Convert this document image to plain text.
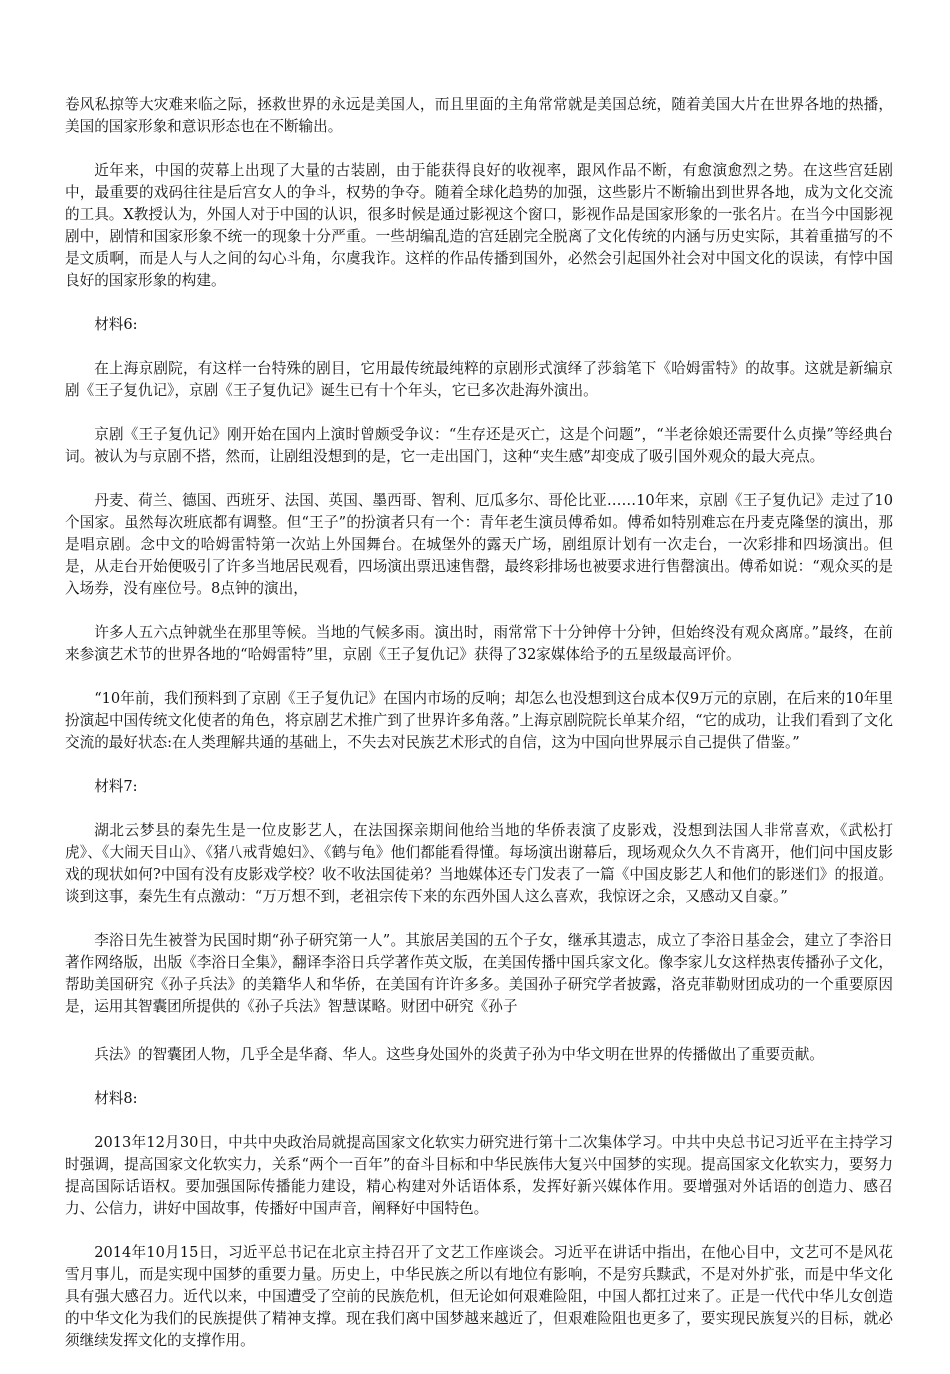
卷风私掠等大灾难来临之际，拯救世界的永远是美国人，而且里面的主角常常就是美国总统，随着美国大片在世界各地的热播，美国的国家形象和意识形态也在不断输出。

近年来，中国的荧幕上出现了大量的古装剧，由于能获得良好的收视率，跟风作品不断，有愈演愈烈之势。在这些宫廷剧中，最重要的戏码往往是后宫女人的争斗，权势的争夺。随着全球化趋势的加强，这些影片不断输出到世界各地，成为文化交流的工具。X教授认为，外国人对于中国的认识，很多时候是通过影视这个窗口，影视作品是国家形象的一张名片。在当今中国影视剧中，剧情和国家形象不统一的现象十分严重。一些胡编乱造的宫廷剧完全脱离了文化传统的内涵与历史实际，其着重描写的不是文质啊，而是人与人之间的勾心斗角，尔虞我诈。这样的作品传播到国外，必然会引起国外社会对中国文化的误读，有悖中国良好的国家形象的构建。

材料6:

在上海京剧院，有这样一台特殊的剧目，它用最传统最纯粹的京剧形式演绎了莎翁笔下《哈姆雷特》的故事。这就是新编京剧《王子复仇记》，京剧《王子复仇记》诞生已有十个年头，它已多次赴海外演出。

京剧《王子复仇记》刚开始在国内上演时曾颇受争议：“生存还是灭亡，这是个问题”，“半老徐娘还需要什么贞操”等经典台词。被认为与京剧不搭，然而，让剧组没想到的是，它一走出国门，这种“夹生感”却变成了吸引国外观众的最大亮点。

丹麦、荷兰、德国、西班牙、法国、英国、墨西哥、智利、厄瓜多尔、哥伦比亚……10年来，京剧《王子复仇记》走过了10个国家。虽然每次班底都有调整。但“王子”的扮演者只有一个：青年老生演员傅希如。傅希如特别难忘在丹麦克隆堡的演出，那是唱京剧。念中文的哈姆雷特第一次站上外国舞台。在城堡外的露天广场，剧组原计划有一次走台，一次彩排和四场演出。但是，从走台开始便吸引了许多当地居民观看，四场演出票迅速售罄，最终彩排场也被要求进行售罄演出。傅希如说：“观众买的是入场券，没有座位号。8点钟的演出，

许多人五六点钟就坐在那里等候。当地的气候多雨。演出时，雨常常下十分钟停十分钟，但始终没有观众离席。”最终，在前来参演艺术节的世界各地的“哈姆雷特”里，京剧《王子复仇记》获得了32家媒体给予的五星级最高评价。

“10年前，我们预料到了京剧《王子复仇记》在国内市场的反响；却怎么也没想到这台成本仅9万元的京剧，在后来的10年里扮演起中国传统文化使者的角色，将京剧艺术推广到了世界许多角落。”上海京剧院院长单某介绍，“它的成功，让我们看到了文化交流的最好状态:在人类理解共通的基础上，不失去对民族艺术形式的自信，这为中国向世界展示自己提供了借鉴。”

材料7:

湖北云梦县的秦先生是一位皮影艺人，在法国探亲期间他给当地的华侨表演了皮影戏，没想到法国人非常喜欢，《武松打虎》、《大闹天目山》、《猪八戒背媳妇》、《鹤与龟》他们都能看得懂。每场演出谢幕后，现场观众久久不肯离开，他们问中国皮影戏的现状如何?中国有没有皮影戏学校？收不收法国徒弟？当地媒体还专门发表了一篇《中国皮影艺人和他们的影迷们》的报道。谈到这事，秦先生有点激动：“万万想不到，老祖宗传下来的东西外国人这么喜欢，我惊讶之余，又感动又自豪。”

李浴日先生被誉为民国时期“孙子研究第一人”。其旅居美国的五个子女，继承其遗志，成立了李浴日基金会，建立了李浴日著作网络版，出版《李浴日全集》，翻译李浴日兵学著作英文版，在美国传播中国兵家文化。像李家儿女这样热衷传播孙子文化，帮助美国研究《孙子兵法》的美籍华人和华侨，在美国有许许多多。美国孙子研究学者披露，洛克菲勒财团成功的一个重要原因是，运用其智囊团所提供的《孙子兵法》智慧谋略。财团中研究《孙子

兵法》的智囊团人物，几乎全是华裔、华人。这些身处国外的炎黄子孙为中华文明在世界的传播做出了重要贡献。

材料8:

2013年12月30日，中共中央政治局就提高国家文化软实力研究进行第十二次集体学习。中共中央总书记习近平在主持学习时强调，提高国家文化软实力，关系“两个一百年”的奋斗目标和中华民族伟大复兴中国梦的实现。提高国家文化软实力，要努力提高国际话语权。要加强国际传播能力建设，精心构建对外话语体系，发挥好新兴媒体作用。要增强对外话语的创造力、感召力、公信力，讲好中国故事，传播好中国声音，阐释好中国特色。

2014年10月15日，习近平总书记在北京主持召开了文艺工作座谈会。习近平在讲话中指出，在他心目中，文艺可不是风花雪月事儿，而是实现中国梦的重要力量。历史上，中华民族之所以有地位有影响，不是穷兵黩武，不是对外扩张，而是中华文化具有强大感召力。近代以来，中国遭受了空前的民族危机，但无论如何艰难险阻，中国人都扛过来了。正是一代代中华儿女创造的中华文化为我们的民族提供了精神支撑。现在我们离中国梦越来越近了，但艰难险阻也更多了，要实现民族复兴的目标，就必须继续发挥文化的支撑作用。
